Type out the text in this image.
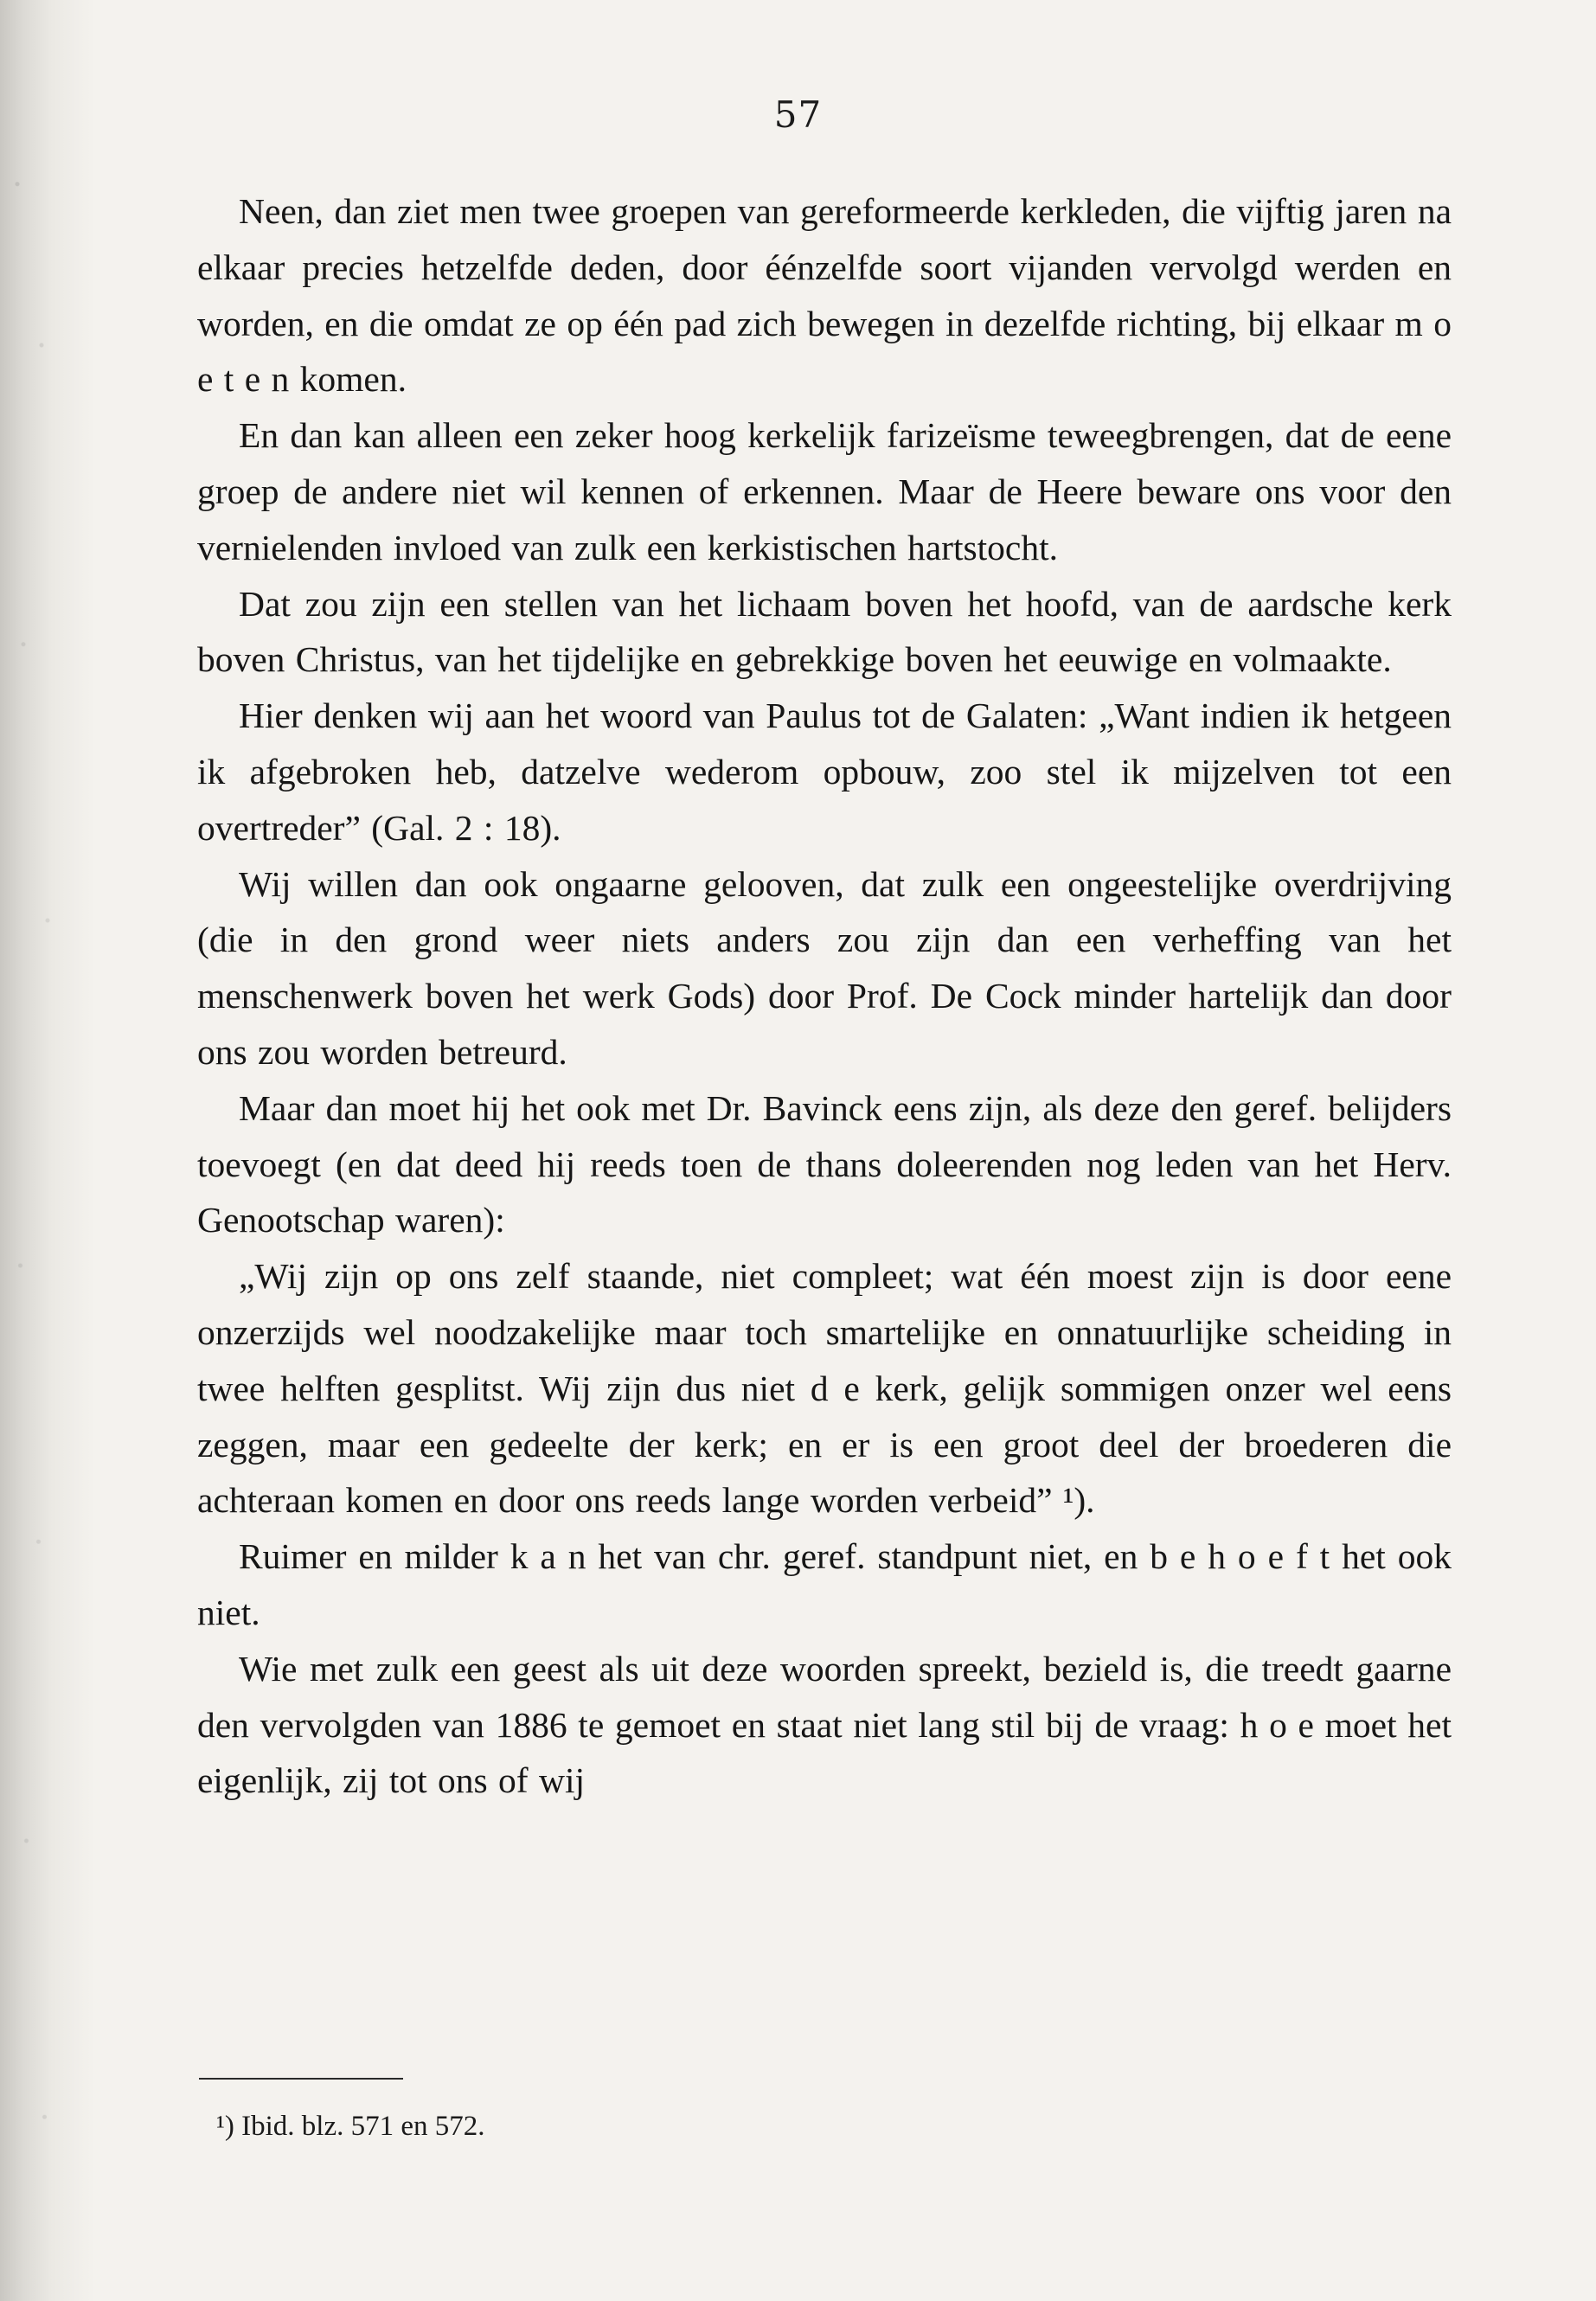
57

Neen, dan ziet men twee groepen van gereformeerde kerkleden, die vijftig jaren na elkaar precies hetzelfde deden, door éénzelfde soort vijanden vervolgd werden en worden, en die omdat ze op één pad zich bewegen in dezelfde richting, bij elkaar m o e t e n komen.

En dan kan alleen een zeker hoog kerkelijk farizeïsme teweegbrengen, dat de eene groep de andere niet wil kennen of erkennen. Maar de Heere beware ons voor den vernielenden invloed van zulk een kerkistischen hartstocht.

Dat zou zijn een stellen van het lichaam boven het hoofd, van de aardsche kerk boven Christus, van het tijdelijke en gebrekkige boven het eeuwige en volmaakte.

Hier denken wij aan het woord van Paulus tot de Galaten: „Want indien ik hetgeen ik afgebroken heb, datzelve wederom opbouw, zoo stel ik mijzelven tot een overtreder” (Gal. 2 : 18).

Wij willen dan ook ongaarne gelooven, dat zulk een ongeestelijke overdrijving (die in den grond weer niets anders zou zijn dan een verheffing van het menschenwerk boven het werk Gods) door Prof. De Cock minder hartelijk dan door ons zou worden betreurd.

Maar dan moet hij het ook met Dr. Bavinck eens zijn, als deze den geref. belijders toevoegt (en dat deed hij reeds toen de thans doleerenden nog leden van het Herv. Genootschap waren):

„Wij zijn op ons zelf staande, niet compleet; wat één moest zijn is door eene onzerzijds wel noodzakelijke maar toch smartelijke en onnatuurlijke scheiding in twee helften gesplitst. Wij zijn dus niet d e kerk, gelijk sommigen onzer wel eens zeggen, maar een gedeelte der kerk; en er is een groot deel der broederen die achteraan komen en door ons reeds lange worden verbeid” ¹).

Ruimer en milder k a n het van chr. geref. standpunt niet, en b e h o e f t het ook niet.

Wie met zulk een geest als uit deze woorden spreekt, bezield is, die treedt gaarne den vervolgden van 1886 te gemoet en staat niet lang stil bij de vraag: h o e moet het eigenlijk, zij tot ons of wij

¹) Ibid. blz. 571 en 572.
